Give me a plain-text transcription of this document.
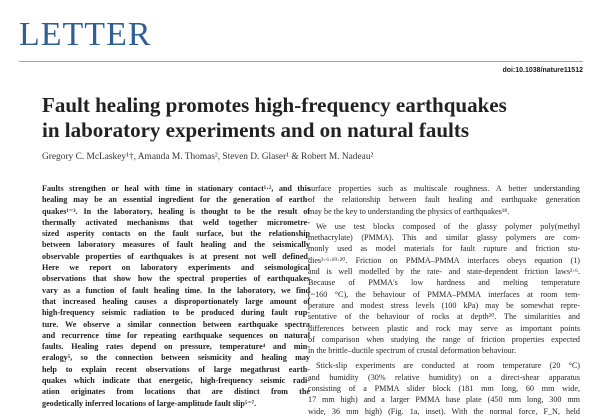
LETTER
doi:10.1038/nature11512
Fault healing promotes high-frequency earthquakes
in laboratory experiments and on natural faults
Gregory C. McLaskey¹†, Amanda M. Thomas², Steven D. Glaser¹ & Robert M. Nadeau²
Faults strengthen or heal with time in stationary contact¹·², and this
healing may be an essential ingredient for the generation of earth-
quakes¹⁻³. In the laboratory, healing is thought to be the result of
thermally activated mechanisms that weld together micrometre-
sized asperity contacts on the fault surface, but the relationship
between laboratory measures of fault healing and the seismically
observable properties of earthquakes is at present not well defined.
Here we report on laboratory experiments and seismological
observations that show how the spectral properties of earthquakes
vary as a function of fault healing time. In the laboratory, we find
that increased healing causes a disproportionately large amount of
high-frequency seismic radiation to be produced during fault rup-
ture. We observe a similar connection between earthquake spectra
and recurrence time for repeating earthquake sequences on natural
faults. Healing rates depend on pressure, temperature⁴ and min-
eralogy⁵, so the connection between seismicity and healing may
help to explain recent observations of large megathrust earth-
quakes which indicate that energetic, high-frequency seismic radi-
ation originates from locations that are distinct from the
geodetically inferred locations of large-amplitude fault slip⁵⁻⁷.
surface properties such as multiscale roughness. A better understanding
of the relationship between fault healing and earthquake generation
may be the key to understanding the physics of earthquakes¹⁸.
We use test blocks composed of the glassy polymer poly(methyl
methacrylate) (PMMA). This and similar glassy polymers are com-
monly used as model materials for fault rupture and friction stu-
dies²·⁶·¹⁹·²⁰. Friction on PMMA–PMMA interfaces obeys equation (1)
and is well modelled by the rate- and state-dependent friction laws²·⁶.
Because of PMMA's low hardness and melting temperature
(~160 °C), the behaviour of PMMA–PMMA interfaces at room tem-
perature and modest stress levels (100 kPa) may be somewhat repre-
sentative of the behaviour of rocks at depth²⁰. The similarities and
differences between plastic and rock may serve as important points
of comparison when studying the range of friction properties expected
in the brittle–ductile spectrum of crustal deformation behaviour.
Stick-slip experiments are conducted at room temperature (20 °C)
and humidity (30% relative humidity) on a direct-shear apparatus
consisting of a PMMA slider block (181 mm long, 60 mm wide,
17 mm high) and a larger PMMA base plate (450 mm long, 300 mm
wide, 36 mm high) (Fig. 1a, inset). With the normal force, F_N, held
